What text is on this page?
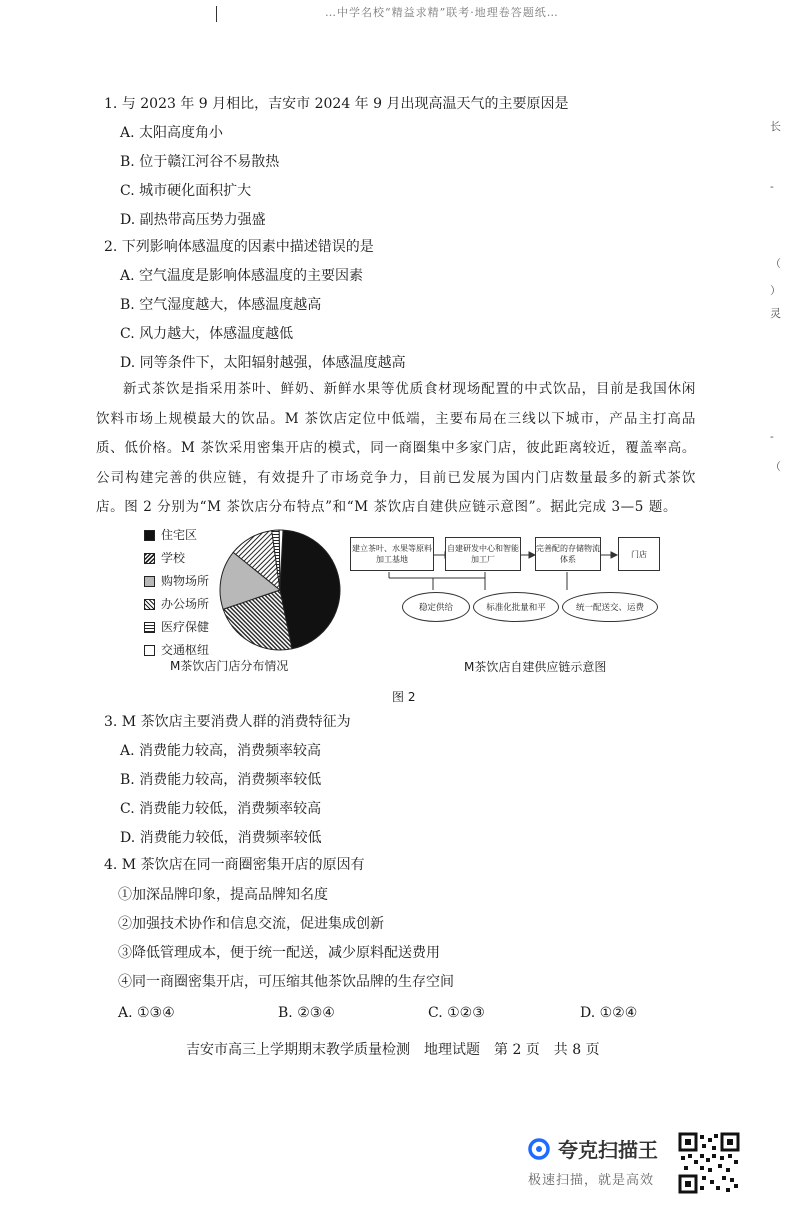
…中学名校“精益求精”联考·地理卷答题纸…
长
-
（
）
灵
-
（
1. 与 2023 年 9 月相比，吉安市 2024 年 9 月出现高温天气的主要原因是
A. 太阳高度角小
B. 位于赣江河谷不易散热
C. 城市硬化面积扩大
D. 副热带高压势力强盛
2. 下列影响体感温度的因素中描述错误的是
A. 空气温度是影响体感温度的主要因素
B. 空气湿度越大，体感温度越高
C. 风力越大，体感温度越低
D. 同等条件下，太阳辐射越强，体感温度越高
新式茶饮是指采用茶叶、鲜奶、新鲜水果等优质食材现场配置的中式饮品，目前是我国休闲饮料市场上规模最大的饮品。M 茶饮店定位中低端，主要布局在三线以下城市，产品主打高品质、低价格。M 茶饮采用密集开店的模式，同一商圈集中多家门店，彼此距离较近，覆盖率高。公司构建完善的供应链，有效提升了市场竞争力，目前已发展为国内门店数量最多的新式茶饮店。图 2 分别为“M 茶饮店分布特点”和“M 茶饮店自建供应链示意图”。据此完成 3—5 题。
住宅区
学校
购物场所
办公场所
医疗保健
交通枢纽
M茶饮店门店分布情况
建立茶叶、水果等原料加工基地
自建研发中心和智能加工厂
完善配的存储物流体系
门店
稳定供给	标准化批量和平	统一配送交、运费
M茶饮店自建供应链示意图
图 2
3. M 茶饮店主要消费人群的消费特征为
A. 消费能力较高，消费频率较高
B. 消费能力较高，消费频率较低
C. 消费能力较低，消费频率较高
D. 消费能力较低，消费频率较低
4. M 茶饮店在同一商圈密集开店的原因有
①加深品牌印象，提高品牌知名度
②加强技术协作和信息交流，促进集成创新
③降低管理成本，便于统一配送，减少原料配送费用
④同一商圈密集开店，可压缩其他茶饮品牌的生存空间
A. ①③④	B. ②③④	C. ①②③	D. ①②④
吉安市高三上学期期末教学质量检测　地理试题　第 2 页　共 8 页
夸克扫描王
极速扫描，就是高效
